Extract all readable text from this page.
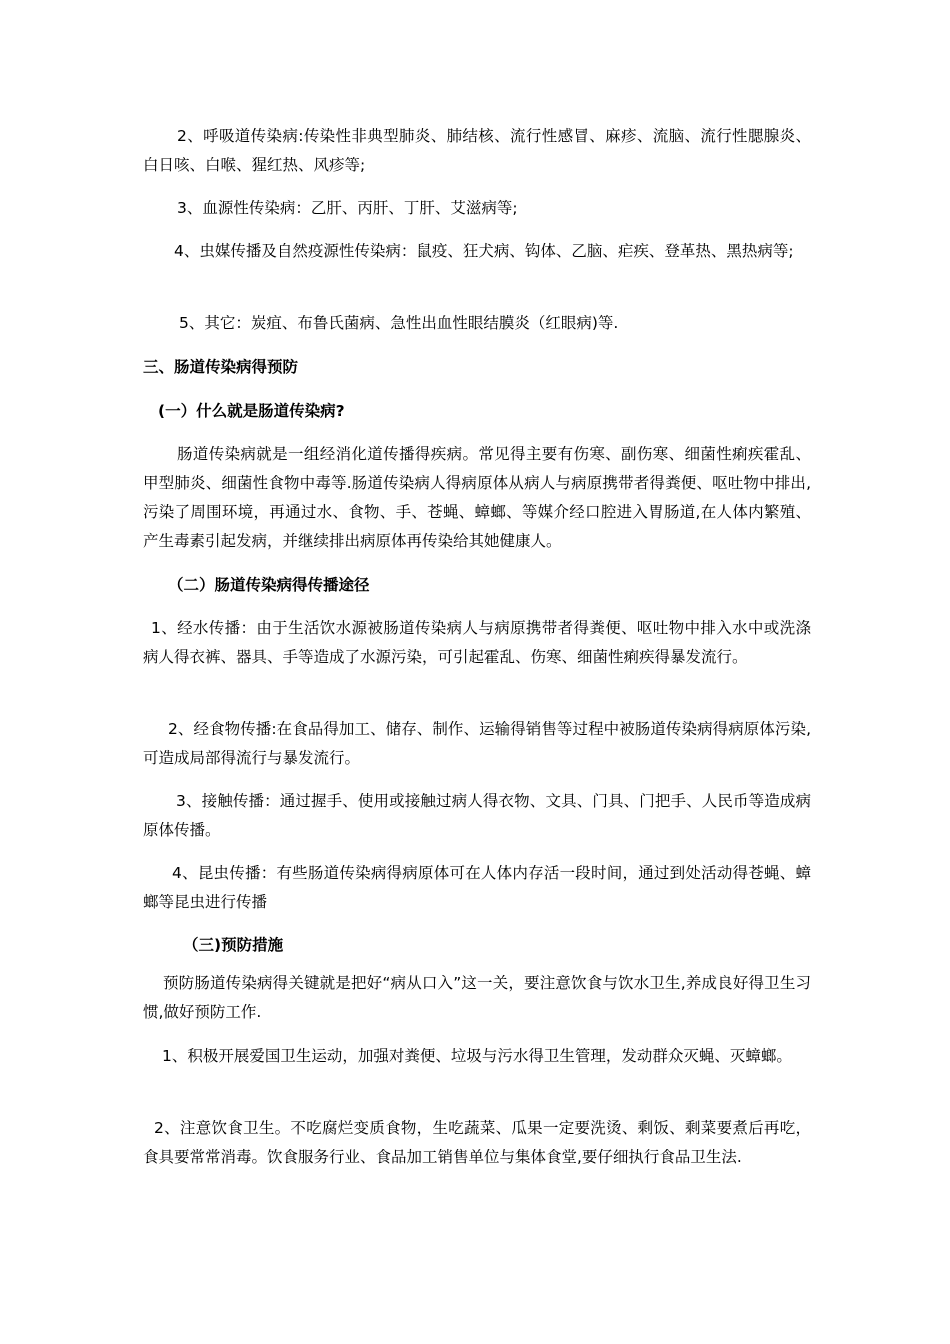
2、呼吸道传染病:传染性非典型肺炎、肺结核、流行性感冒、麻疹、流脑、流行性腮腺炎、白日咳、白喉、猩红热、风疹等;

3、血源性传染病：乙肝、丙肝、丁肝、艾滋病等;

4、虫媒传播及自然疫源性传染病：鼠疫、狂犬病、钩体、乙脑、疟疾、登革热、黑热病等;

5、其它：炭疽、布鲁氏菌病、急性出血性眼结膜炎（红眼病)等.

三、肠道传染病得预防
(一）什么就是肠道传染病?

肠道传染病就是一组经消化道传播得疾病。常见得主要有伤寒、副伤寒、细菌性痢疾霍乱、甲型肺炎、细菌性食物中毒等.肠道传染病人得病原体从病人与病原携带者得粪便、呕吐物中排出,污染了周围环境，再通过水、食物、手、苍蝇、蟑螂、等媒介经口腔进入胃肠道,在人体内繁殖、产生毒素引起发病，并继续排出病原体再传染给其她健康人。

（二）肠道传染病得传播途径

1、经水传播：由于生活饮水源被肠道传染病人与病原携带者得粪便、呕吐物中排入水中或洗涤病人得衣裤、器具、手等造成了水源污染，可引起霍乱、伤寒、细菌性痢疾得暴发流行。

2、经食物传播:在食品得加工、储存、制作、运输得销售等过程中被肠道传染病得病原体污染,可造成局部得流行与暴发流行。

3、接触传播：通过握手、使用或接触过病人得衣物、文具、门具、门把手、人民币等造成病原体传播。

4、昆虫传播：有些肠道传染病得病原体可在人体内存活一段时间，通过到处活动得苍蝇、蟑螂等昆虫进行传播

（三)预防措施

预防肠道传染病得关键就是把好“病从口入”这一关，要注意饮食与饮水卫生,养成良好得卫生习惯,做好预防工作.

1、积极开展爱国卫生运动，加强对粪便、垃圾与污水得卫生管理，发动群众灭蝇、灭蟑螂。

2、注意饮食卫生。不吃腐烂变质食物，生吃蔬菜、瓜果一定要洗烫、剩饭、剩菜要煮后再吃，食具要常常消毒。饮食服务行业、食品加工销售单位与集体食堂,要仔细执行食品卫生法.
